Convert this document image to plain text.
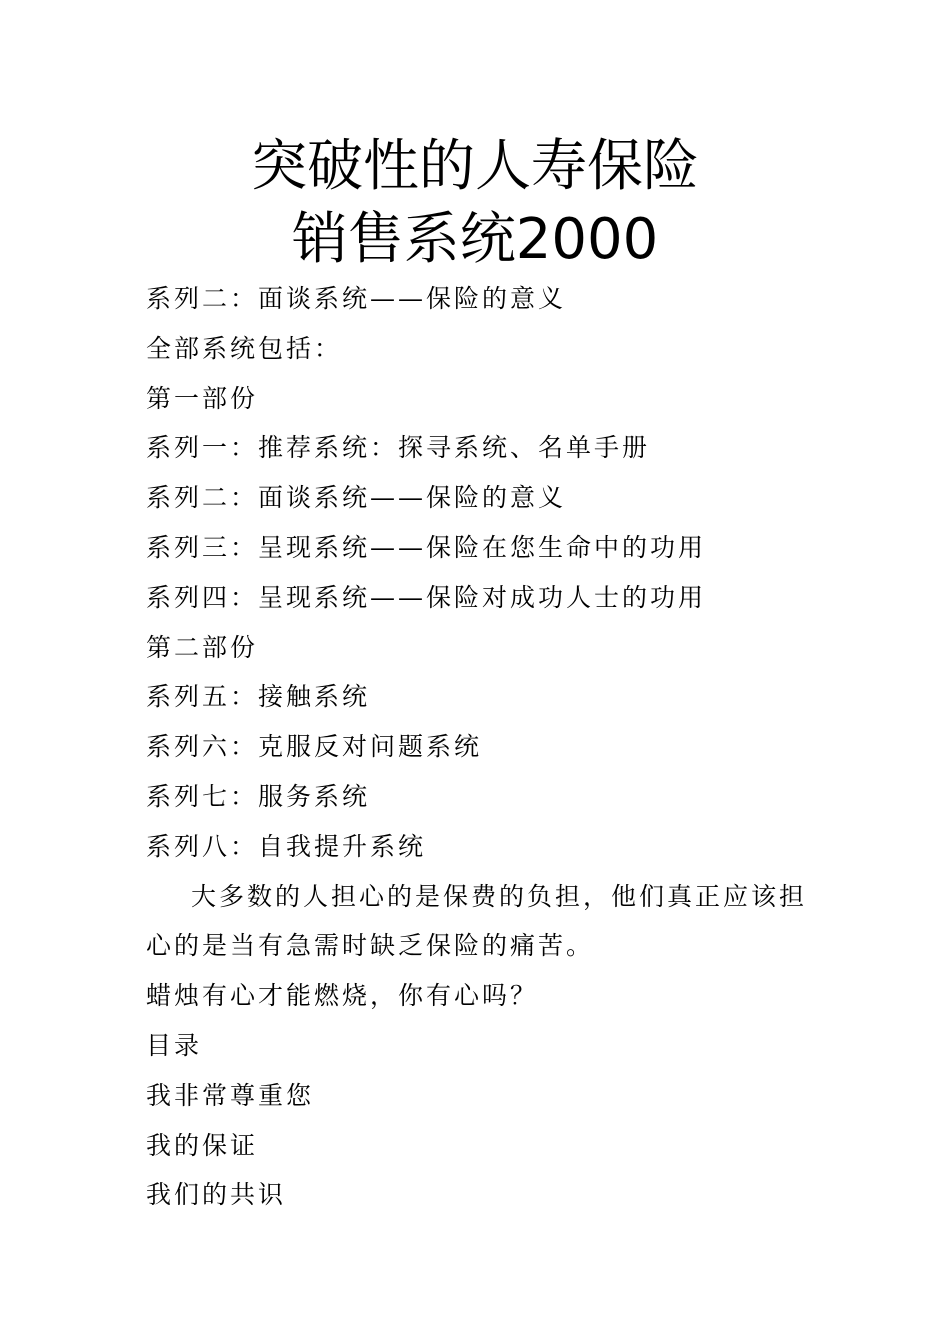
突破性的人寿保险
销售系统2000
系列二：面谈系统——保险的意义
全部系统包括：
第一部份
系列一：推荐系统：探寻系统、名单手册
系列二：面谈系统——保险的意义
系列三：呈现系统——保险在您生命中的功用
系列四：呈现系统——保险对成功人士的功用
第二部份
系列五：接触系统
系列六：克服反对问题系统
系列七：服务系统
系列八：自我提升系统
大多数的人担心的是保费的负担，他们真正应该担心的是当有急需时缺乏保险的痛苦。
蜡烛有心才能燃烧，你有心吗？
目录
我非常尊重您
我的保证
我们的共识
